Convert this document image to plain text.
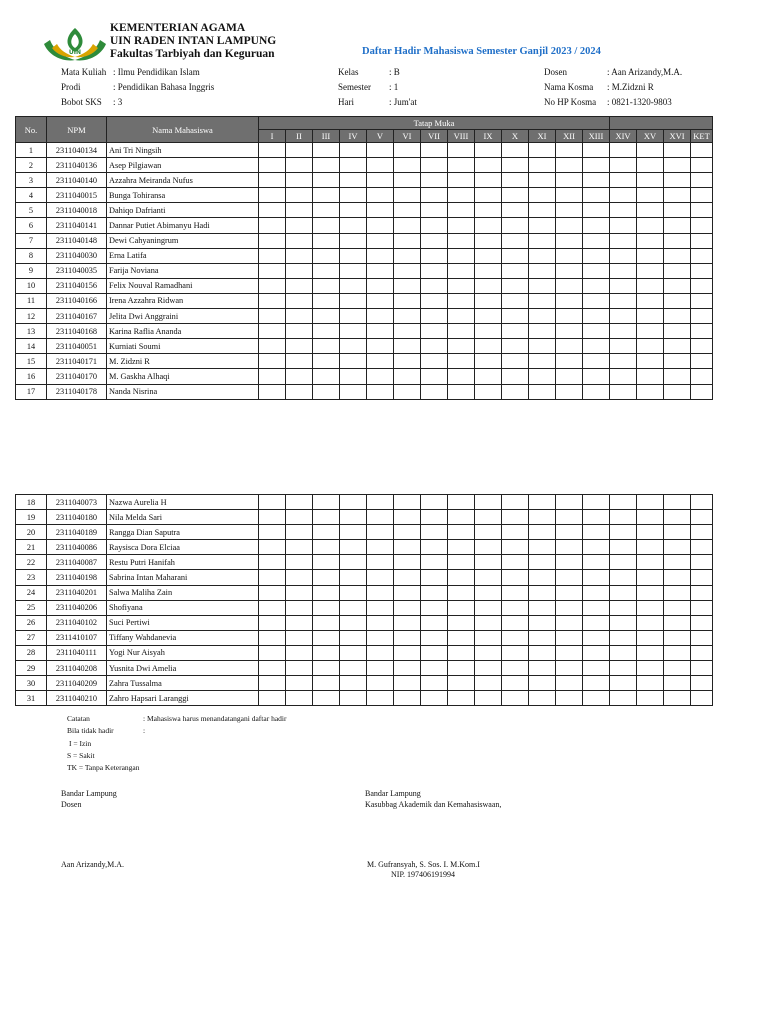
UIN
KEMENTERIAN AGAMA
UIN RADEN INTAN LAMPUNG
Fakultas Tarbiyah dan Keguruan	Daftar Hadir Mahasiswa Semester Ganjil 2023 / 2024
Mata Kuliah : Ilmu Pendidikan Islam
Prodi	: Pendidikan Bahasa Inggris
Bobot SKS : 3
Kelas	: B
Semester : 1
Hari	: Jum'at
Dosen	: Aan Arizandy,M.A.
Nama Kosma : M.Zidzni R
No HP Kosma : 0821-1320-9803
No.	NPM	Nama Mahasiswa	Tatap Muka																
			I	II	III	IV	V	VI	VII	VIII	IX	X	XI	XII	XIII	XIV	XV	XVI	KET
1	2311040134	Ani Tri Ningsih																	
2	2311040136	Asep Pilgiawan																	
3	2311040140	Azzahra Meiranda Nufus																	
4	2311040015	Bunga Tohiransa																	
5	2311040018	Dahiqo Dafrianti																	
6	2311040141	Dannar Putiet Abimanyu Hadi																	
7	2311040148	Dewi Cahyaningrum																	
8	2311040030	Erna Latifa																	
9	2311040035	Farija Noviana																	
10	2311040156	Felix Nouval Ramadhani																	
11	2311040166	Irena Azzahra Ridwan																	
12	2311040167	Jelita Dwi Anggraini																	
13	2311040168	Karina Raflia Ananda																	
14	2311040051	Kurniati Soumi																	
15	2311040171	M. Zidzni R																	
16	2311040170	M. Gaskha Alhaqi																	
17	2311040178	Nanda Nisrina																	
18	2311040073	Nazwa Aurelia H																	
19	2311040180	Nila Melda Sari																	
20	2311040189	Rangga Dian Saputra																	
21	2311040086	Raysisca Dora Elciaa																	
22	2311040087	Restu Putri Hanifah																	
23	2311040198	Sabrina Intan Maharani																	
24	2311040201	Salwa Maliha Zain																	
25	2311040206	Shofiyana																	
26	2311040102	Suci Pertiwi																	
27	2311410107	Tiffany Wahdanevia																	
28	2311040111	Yogi Nur Aisyah																	
29	2311040208	Yusnita Dwi Amelia																	
30	2311040209	Zahra Tussalma																	
31	2311040210	Zahro Hapsari Laranggi																	
Catatan	: Mahasiswa harus menandatangani daftar hadir
Bila tidak hadir	:
I = Izin
S = Sakit
TK = Tanpa Keterangan
Bandar Lampung
Dosen
Aan Arizandy,M.A.
Bandar Lampung
Kasubbag Akademik dan Kemahasiswaan,
M. Gufransyah, S. Sos. I. M.Kom.I
NIP. 197406191994
